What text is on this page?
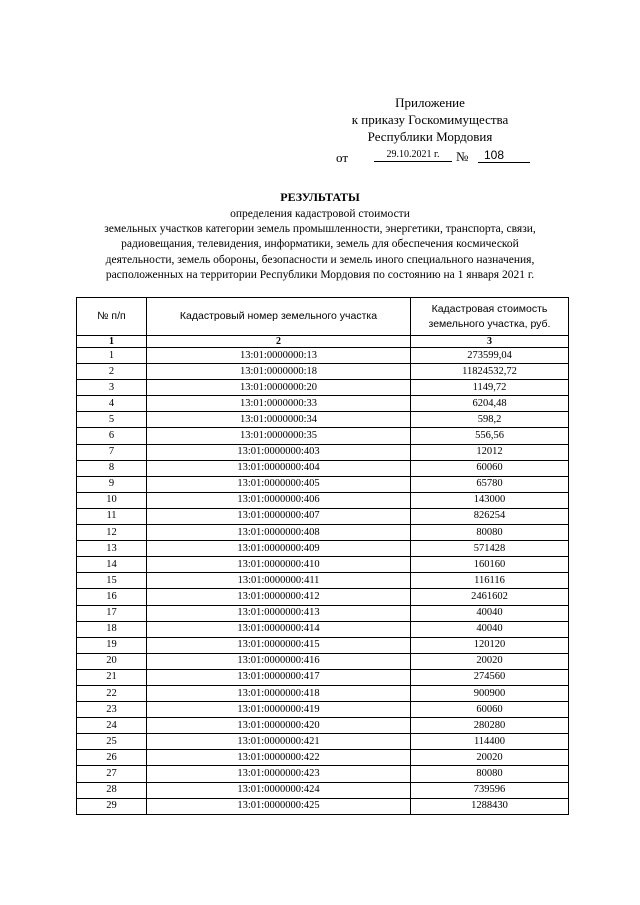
Приложение
к приказу Госкомимущества
Республики Мордовия
от	29.10.2021 г.	№	108
РЕЗУЛЬТАТЫ
определения кадастровой стоимости
земельных участков категории земель промышленности, энергетики, транспорта, связи,
радиовещания, телевидения, информатики, земель для обеспечения космической
деятельности, земель обороны, безопасности и земель иного специального назначения,
расположенных на территории Республики Мордовия по состоянию на 1 января 2021 г.
№ п/п	Кадастровый номер земельного участка	Кадастровая стоимость земельного участка, руб.
1	2	3
1	13:01:0000000:13	273599,04
2	13:01:0000000:18	11824532,72
3	13:01:0000000:20	1149,72
4	13:01:0000000:33	6204,48
5	13:01:0000000:34	598,2
6	13:01:0000000:35	556,56
7	13:01:0000000:403	12012
8	13:01:0000000:404	60060
9	13:01:0000000:405	65780
10	13:01:0000000:406	143000
11	13:01:0000000:407	826254
12	13:01:0000000:408	80080
13	13:01:0000000:409	571428
14	13:01:0000000:410	160160
15	13:01:0000000:411	116116
16	13:01:0000000:412	2461602
17	13:01:0000000:413	40040
18	13:01:0000000:414	40040
19	13:01:0000000:415	120120
20	13:01:0000000:416	20020
21	13:01:0000000:417	274560
22	13:01:0000000:418	900900
23	13:01:0000000:419	60060
24	13:01:0000000:420	280280
25	13:01:0000000:421	114400
26	13:01:0000000:422	20020
27	13:01:0000000:423	80080
28	13:01:0000000:424	739596
29	13:01:0000000:425	1288430
